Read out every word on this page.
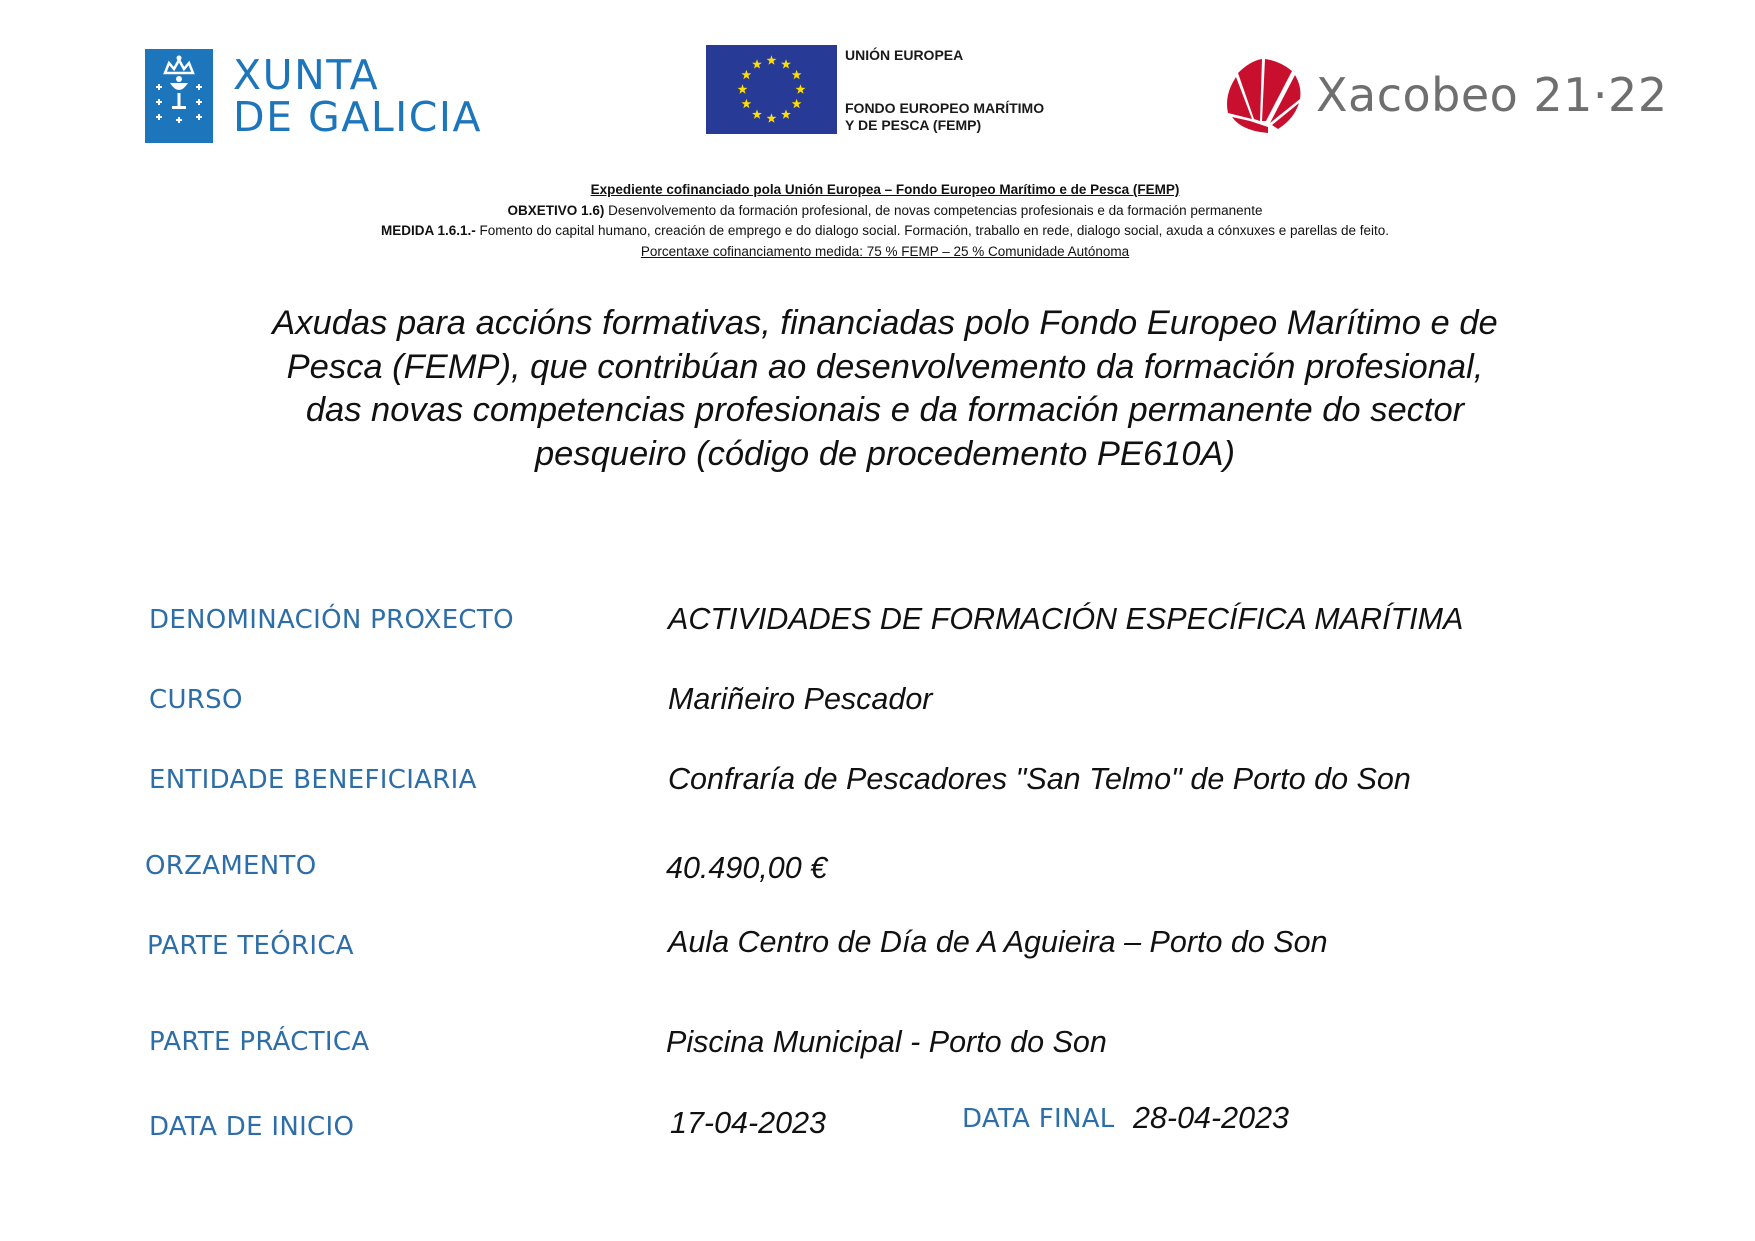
XUNTA
DE GALICIA
UNIÓN EUROPEA
FONDO EUROPEO MARÍTIMO
Y DE PESCA (FEMP)
Xacobeo 21·22
Expediente cofinanciado pola Unión Europea – Fondo Europeo Marítimo e de Pesca (FEMP)
OBXETIVO 1.6) Desenvolvemento da formación profesional, de novas competencias profesionais e da formación permanente
MEDIDA 1.6.1.- Fomento do capital humano, creación de emprego e do dialogo social. Formación, traballo en rede, dialogo social, axuda a cónxuxes e parellas de feito.
Porcentaxe cofinanciamento medida: 75 % FEMP – 25 % Comunidade Autónoma
Axudas para accións formativas, financiadas polo Fondo Europeo Marítimo e de
Pesca (FEMP), que contribúan ao desenvolvemento da formación profesional,
das novas competencias profesionais e da formación permanente do sector
pesqueiro (código de procedemento PE610A)
DENOMINACIÓN PROXECTO	ACTIVIDADES DE FORMACIÓN ESPECÍFICA MARÍTIMA
CURSO	Mariñeiro Pescador
ENTIDADE BENEFICIARIA	Confraría de Pescadores "San Telmo" de Porto do Son
ORZAMENTO	40.490,00 €
PARTE TEÓRICA	Aula Centro de Día de A Aguieira – Porto do Son
PARTE PRÁCTICA	Piscina Municipal - Porto do Son
DATA DE INICIO	17-04-2023	DATA FINAL 28-04-2023
